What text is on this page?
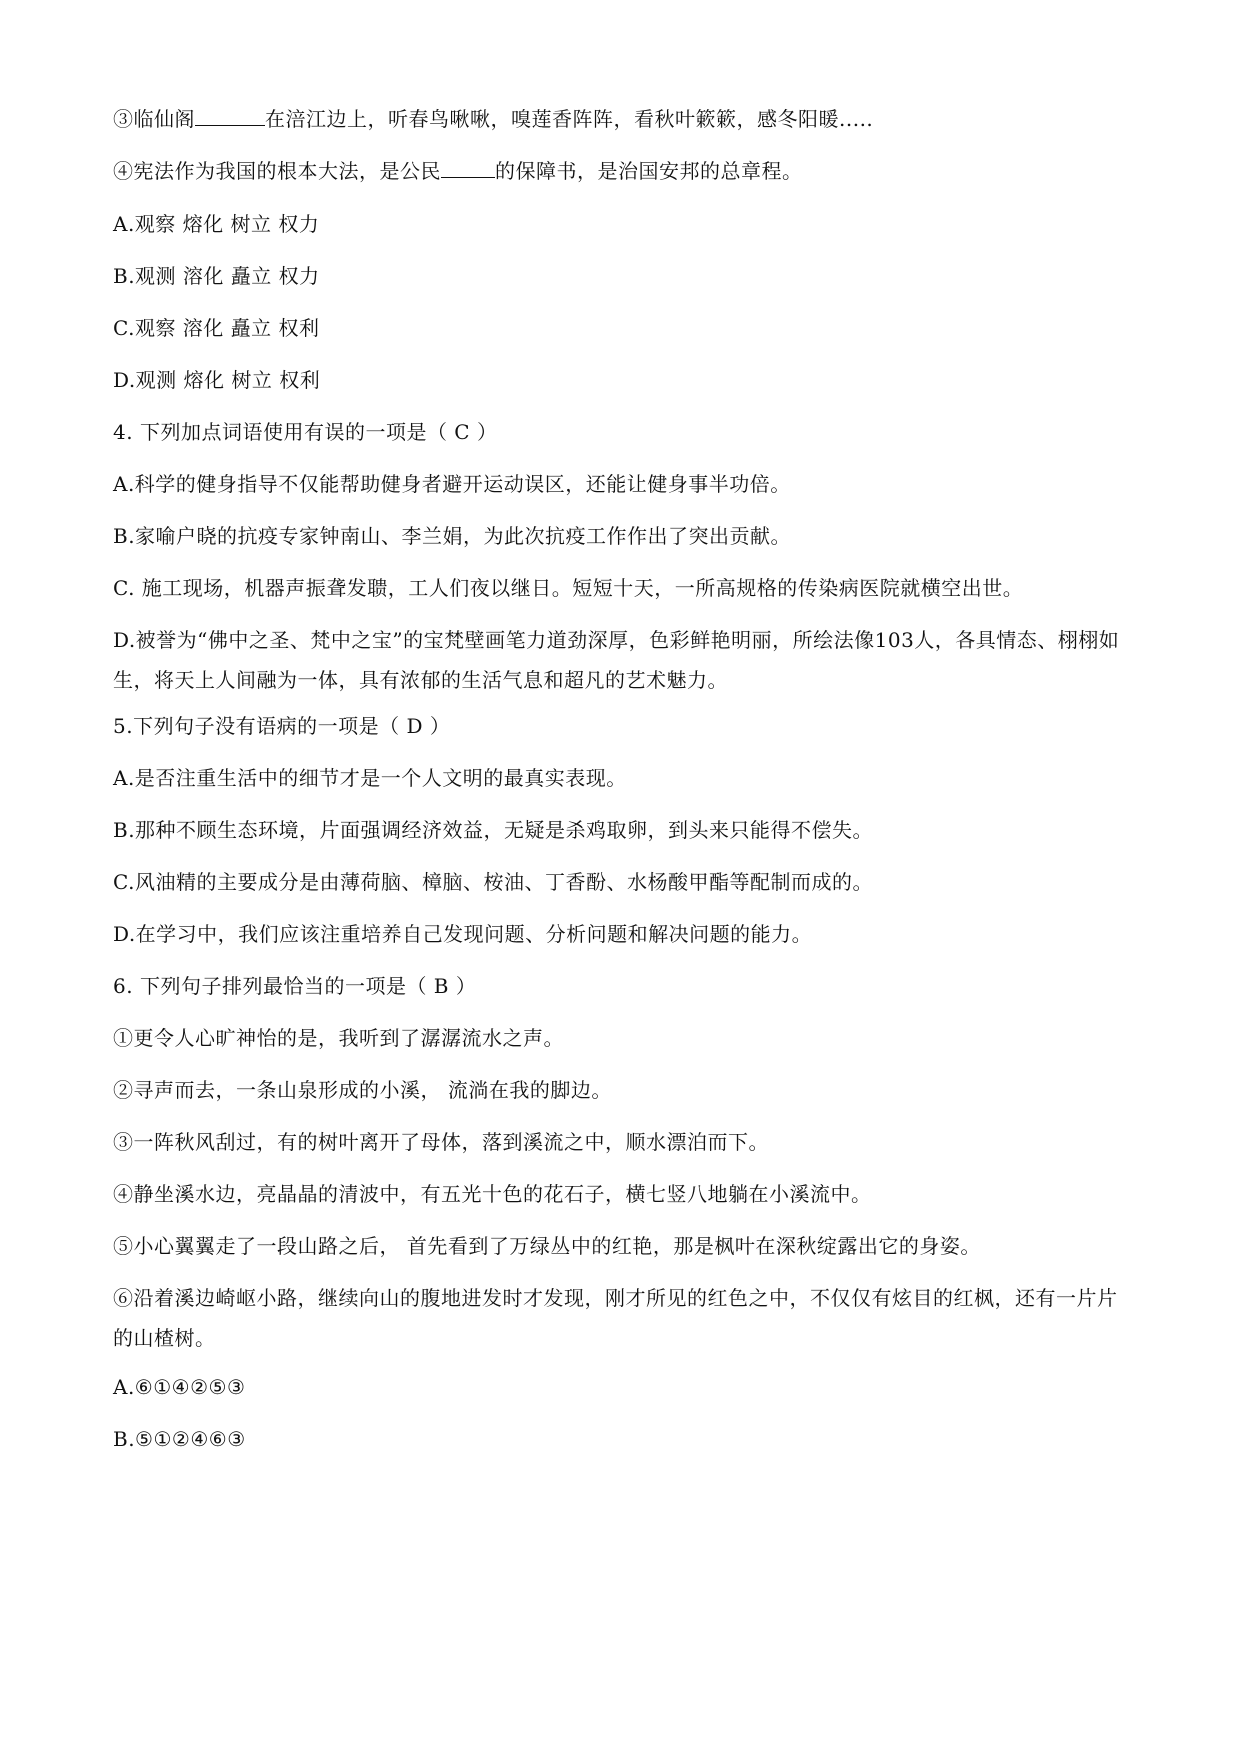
③临仙阁	在涪江边上，听春鸟啾啾，嗅莲香阵阵，看秋叶簌簌，感冬阳暖.....
④宪法作为我国的根本大法，是公民	的保障书，是治国安邦的总章程。
A.观察 熔化 树立 权力
B.观测 溶化 矗立 权力
C.观察 溶化 矗立 权利
D.观测 熔化 树立 权利
4. 下列加点词语使用有误的一项是（ C ）
A.科学的健身指导不仅能帮助健身者避开运动误区，还能让健身事半功倍。
B.家喻户晓的抗疫专家钟南山、李兰娟，为此次抗疫工作作出了突出贡献。
C. 施工现场，机器声振聋发聩，工人们夜以继日。短短十天，一所高规格的传染病医院就横空出世。
D.被誉为“佛中之圣、梵中之宝”的宝梵壁画笔力道劲深厚，色彩鲜艳明丽，所绘法像103人，各具情态、栩栩如生，将天上人间融为一体，具有浓郁的生活气息和超凡的艺术魅力。
5.下列句子没有语病的一项是（ D ）
A.是否注重生活中的细节才是一个人文明的最真实表现。
B.那种不顾生态环境，片面强调经济效益，无疑是杀鸡取卵，到头来只能得不偿失。
C.风油精的主要成分是由薄荷脑、樟脑、桉油、丁香酚、水杨酸甲酯等配制而成的。
D.在学习中，我们应该注重培养自己发现问题、分析问题和解决问题的能力。
6. 下列句子排列最恰当的一项是（ B ）
①更令人心旷神怡的是，我听到了潺潺流水之声。
②寻声而去，一条山泉形成的小溪， 流淌在我的脚边。
③一阵秋风刮过，有的树叶离开了母体，落到溪流之中，顺水漂泊而下。
④静坐溪水边，亮晶晶的清波中，有五光十色的花石子，横七竖八地躺在小溪流中。
⑤小心翼翼走了一段山路之后， 首先看到了万绿丛中的红艳，那是枫叶在深秋绽露出它的身姿。
⑥沿着溪边崎岖小路，继续向山的腹地进发时才发现，刚才所见的红色之中，不仅仅有炫目的红枫，还有一片片的山楂树。
A.⑥①④②⑤③
B.⑤①②④⑥③
